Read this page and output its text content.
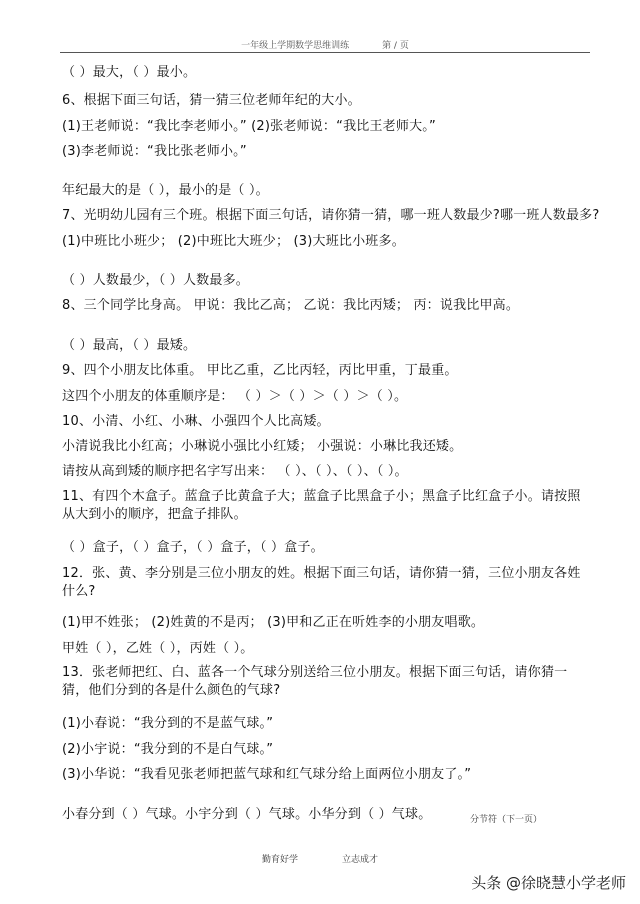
一年级上学期数学思维训练	第 / 页
（ ）最大，（ ）最小。
6、根据下面三句话，猜一猜三位老师年纪的大小。
(1)王老师说：“我比李老师小。” (2)张老师说：“我比王老师大。”
(3)李老师说：“我比张老师小。”
年纪最大的是（ ），最小的是（ ）。
7、光明幼儿园有三个班。根据下面三句话，请你猜一猜，哪一班人数最少?哪一班人数最多?
(1)中班比小班少； (2)中班比大班少； (3)大班比小班多。
（ ）人数最少，（ ）人数最多。
8、三个同学比身高。 甲说：我比乙高； 乙说：我比丙矮； 丙：说我比甲高。
（ ）最高，（ ）最矮。
9、四个小朋友比体重。 甲比乙重，乙比丙轻，丙比甲重，丁最重。
这四个小朋友的体重顺序是： （ ）＞（ ）＞（ ）＞（ ）。
10、小清、小红、小琳、小强四个人比高矮。
小清说我比小红高；小琳说小强比小红矮； 小强说：小琳比我还矮。
请按从高到矮的顺序把名字写出来： （ ）、（ ）、（ ）、（ ）。
11、有四个木盒子。蓝盒子比黄盒子大；蓝盒子比黑盒子小；黑盒子比红盒子小。请按照从大到小的顺序，把盒子排队。
（ ）盒子，（ ）盒子，（ ）盒子，（ ）盒子。
12．张、黄、李分别是三位小朋友的姓。根据下面三句话，请你猜一猜，三位小朋友各姓什么?
(1)甲不姓张； (2)姓黄的不是丙； (3)甲和乙正在听姓李的小朋友唱歌。
甲姓（ ），乙姓（ ），丙姓（ ）。
13．张老师把红、白、蓝各一个气球分别送给三位小朋友。根据下面三句话，请你猜一猜，他们分到的各是什么颜色的气球?
(1)小春说：“我分到的不是蓝气球。”
(2)小宇说：“我分到的不是白气球。”
(3)小华说：“我看见张老师把蓝气球和红气球分给上面两位小朋友了。”
小春分到（ ）气球。小宇分到（ ）气球。小华分到（ ）气球。	分节符（下一页）
勤育好学	立志成才
头条 @徐晓慧小学老师
